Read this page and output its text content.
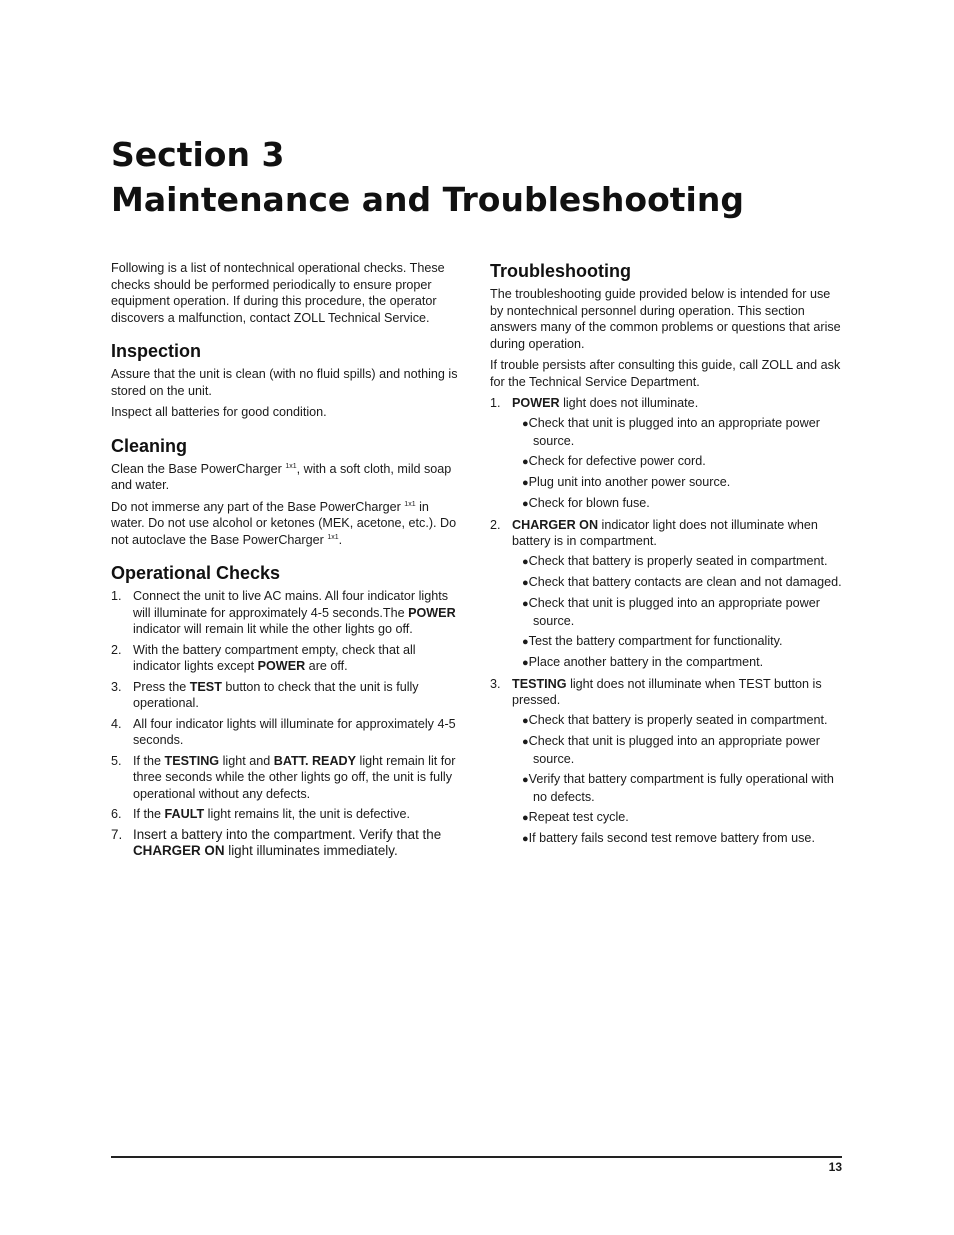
Section 3
Maintenance and Troubleshooting

Following is a list of nontechnical operational checks. These checks should be performed periodically to ensure proper equipment operation. If during this procedure, the operator discovers a malfunction, contact ZOLL Technical Service.

Inspection

Assure that the unit is clean (with no fluid spills) and nothing is stored on the unit.

Inspect all batteries for good condition.

Cleaning

Clean the Base PowerCharger $^{1x1}$, with a soft cloth, mild soap and water.

Do not immerse any part of the Base PowerCharger $^{1x1}$ in water. Do not use alcohol or ketones (MEK, acetone, etc.). Do not autoclave the Base PowerCharger $^{1x1}$.

Operational Checks
1. Connect the unit to live AC mains. All four indicator lights will illuminate for approximately 4-5 seconds.The POWER indicator will remain lit while the other lights go off.
2. With the battery compartment empty, check that all indicator lights except POWER are off.
3. Press the TEST button to check that the unit is fully operational.
4. All four indicator lights will illuminate for approximately 4-5 seconds.
5. If the TESTING light and BATT. READY light remain lit for three seconds while the other lights go off, the unit is fully operational without any defects.
6. If the FAULT light remains lit, the unit is defective.
7. Insert a battery into the compartment. Verify that the CHARGER ON light illuminates immediately.
Troubleshooting

The troubleshooting guide provided below is intended for use by nontechnical personnel during operation. This section answers many of the common problems or questions that arise during operation.

If trouble persists after consulting this guide, call ZOLL and ask for the Technical Service Department.

1. POWER light does not illuminate.
●Check that unit is plugged into an appropriate power source.
●Check for defective power cord.
●Plug unit into another power source.
●Check for blown fuse.
2. CHARGER ON indicator light does not illuminate when battery is in compartment.
●Check that battery is properly seated in compartment.
●Check that battery contacts are clean and not damaged.
●Check that unit is plugged into an appropriate power source.
●Test the battery compartment for functionality.
●Place another battery in the compartment.
3. TESTING light does not illuminate when TEST button is pressed.
●Check that battery is properly seated in compartment.
●Check that unit is plugged into an appropriate power source.
●Verify that battery compartment is fully operational with no defects.
●Repeat test cycle.
●If battery fails second test remove battery from use.
13
